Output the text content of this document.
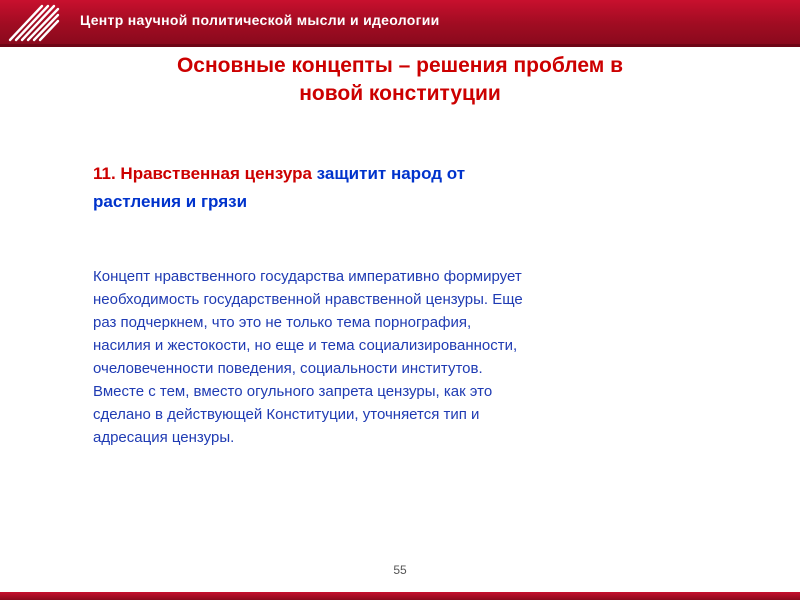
Центр научной политической мысли и идеологии
Основные концепты – решения проблем в
новой конституции
11. Нравственная цензура защитит народ от
растления и грязи
Концепт нравственного государства императивно формирует
необходимость государственной нравственной цензуры. Еще
раз подчеркнем, что это не только тема порнография,
насилия и жестокости, но еще и тема социализированности,
очеловеченности поведения, социальности институтов.
Вместе с тем, вместо огульного запрета цензуры, как это
сделано в действующей Конституции, уточняется тип и
адресация цензуры.
55
